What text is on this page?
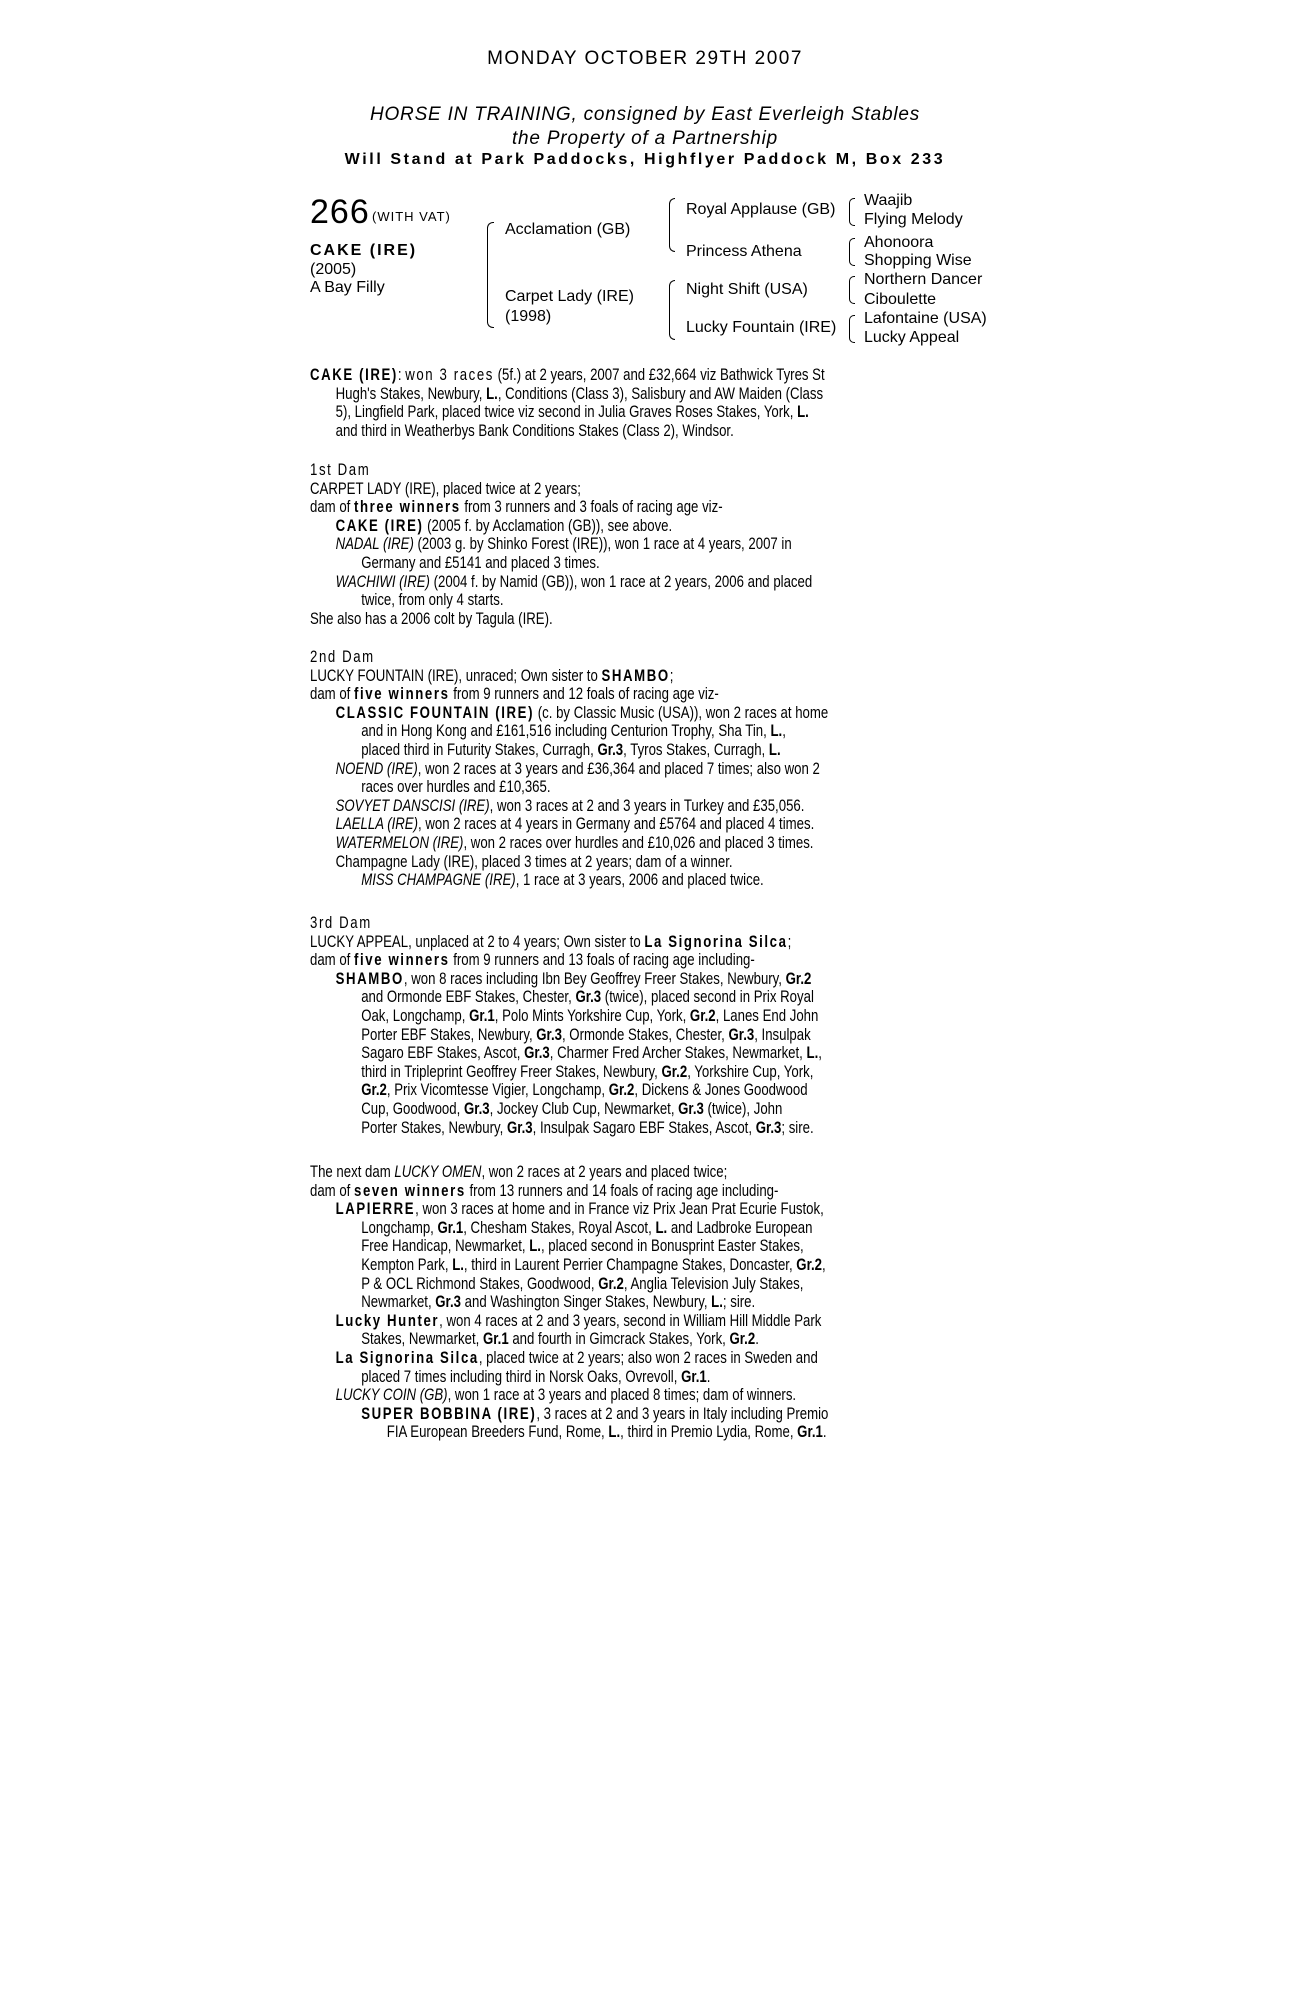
MONDAY OCTOBER 29TH 2007
HORSE IN TRAINING, consigned by East Everleigh Stables
the Property of a Partnership
Will Stand at Park Paddocks, Highflyer Paddock M, Box 233
266 (WITH VAT)
CAKE (IRE)
(2005)
A Bay Filly
Acclamation (GB)
Carpet Lady (IRE)
(1998)
Royal Applause (GB)
Princess Athena
Night Shift (USA)
Lucky Fountain (IRE)
Waajib
Flying Melody
Ahonoora
Shopping Wise
Northern Dancer
Ciboulette
Lafontaine (USA)
Lucky Appeal
CAKE (IRE): won 3 races (5f.) at 2 years, 2007 and £32,664 viz Bathwick Tyres St
Hugh's Stakes, Newbury, L., Conditions (Class 3), Salisbury and AW Maiden (Class
5), Lingfield Park, placed twice viz second in Julia Graves Roses Stakes, York, L.
and third in Weatherbys Bank Conditions Stakes (Class 2), Windsor.
1st Dam
CARPET LADY (IRE), placed twice at 2 years;
dam of three winners from 3 runners and 3 foals of racing age viz-
CAKE (IRE) (2005 f. by Acclamation (GB)), see above.
NADAL (IRE) (2003 g. by Shinko Forest (IRE)), won 1 race at 4 years, 2007 in
Germany and £5141 and placed 3 times.
WACHIWI (IRE) (2004 f. by Namid (GB)), won 1 race at 2 years, 2006 and placed
twice, from only 4 starts.
She also has a 2006 colt by Tagula (IRE).
2nd Dam
LUCKY FOUNTAIN (IRE), unraced; Own sister to SHAMBO;
dam of five winners from 9 runners and 12 foals of racing age viz-
CLASSIC FOUNTAIN (IRE) (c. by Classic Music (USA)), won 2 races at home
and in Hong Kong and £161,516 including Centurion Trophy, Sha Tin, L.,
placed third in Futurity Stakes, Curragh, Gr.3, Tyros Stakes, Curragh, L.
NOEND (IRE), won 2 races at 3 years and £36,364 and placed 7 times; also won 2
races over hurdles and £10,365.
SOVYET DANSCISI (IRE), won 3 races at 2 and 3 years in Turkey and £35,056.
LAELLA (IRE), won 2 races at 4 years in Germany and £5764 and placed 4 times.
WATERMELON (IRE), won 2 races over hurdles and £10,026 and placed 3 times.
Champagne Lady (IRE), placed 3 times at 2 years; dam of a winner.
MISS CHAMPAGNE (IRE), 1 race at 3 years, 2006 and placed twice.
3rd Dam
LUCKY APPEAL, unplaced at 2 to 4 years; Own sister to La Signorina Silca;
dam of five winners from 9 runners and 13 foals of racing age including-
SHAMBO, won 8 races including Ibn Bey Geoffrey Freer Stakes, Newbury, Gr.2
and Ormonde EBF Stakes, Chester, Gr.3 (twice), placed second in Prix Royal
Oak, Longchamp, Gr.1, Polo Mints Yorkshire Cup, York, Gr.2, Lanes End John
Porter EBF Stakes, Newbury, Gr.3, Ormonde Stakes, Chester, Gr.3, Insulpak
Sagaro EBF Stakes, Ascot, Gr.3, Charmer Fred Archer Stakes, Newmarket, L.,
third in Tripleprint Geoffrey Freer Stakes, Newbury, Gr.2, Yorkshire Cup, York,
Gr.2, Prix Vicomtesse Vigier, Longchamp, Gr.2, Dickens & Jones Goodwood
Cup, Goodwood, Gr.3, Jockey Club Cup, Newmarket, Gr.3 (twice), John
Porter Stakes, Newbury, Gr.3, Insulpak Sagaro EBF Stakes, Ascot, Gr.3; sire.
The next dam LUCKY OMEN, won 2 races at 2 years and placed twice;
dam of seven winners from 13 runners and 14 foals of racing age including-
LAPIERRE, won 3 races at home and in France viz Prix Jean Prat Ecurie Fustok,
Longchamp, Gr.1, Chesham Stakes, Royal Ascot, L. and Ladbroke European
Free Handicap, Newmarket, L., placed second in Bonusprint Easter Stakes,
Kempton Park, L., third in Laurent Perrier Champagne Stakes, Doncaster, Gr.2,
P & OCL Richmond Stakes, Goodwood, Gr.2, Anglia Television July Stakes,
Newmarket, Gr.3 and Washington Singer Stakes, Newbury, L.; sire.
Lucky Hunter, won 4 races at 2 and 3 years, second in William Hill Middle Park
Stakes, Newmarket, Gr.1 and fourth in Gimcrack Stakes, York, Gr.2.
La Signorina Silca, placed twice at 2 years; also won 2 races in Sweden and
placed 7 times including third in Norsk Oaks, Ovrevoll, Gr.1.
LUCKY COIN (GB), won 1 race at 3 years and placed 8 times; dam of winners.
SUPER BOBBINA (IRE), 3 races at 2 and 3 years in Italy including Premio
FIA European Breeders Fund, Rome, L., third in Premio Lydia, Rome, Gr.1.
